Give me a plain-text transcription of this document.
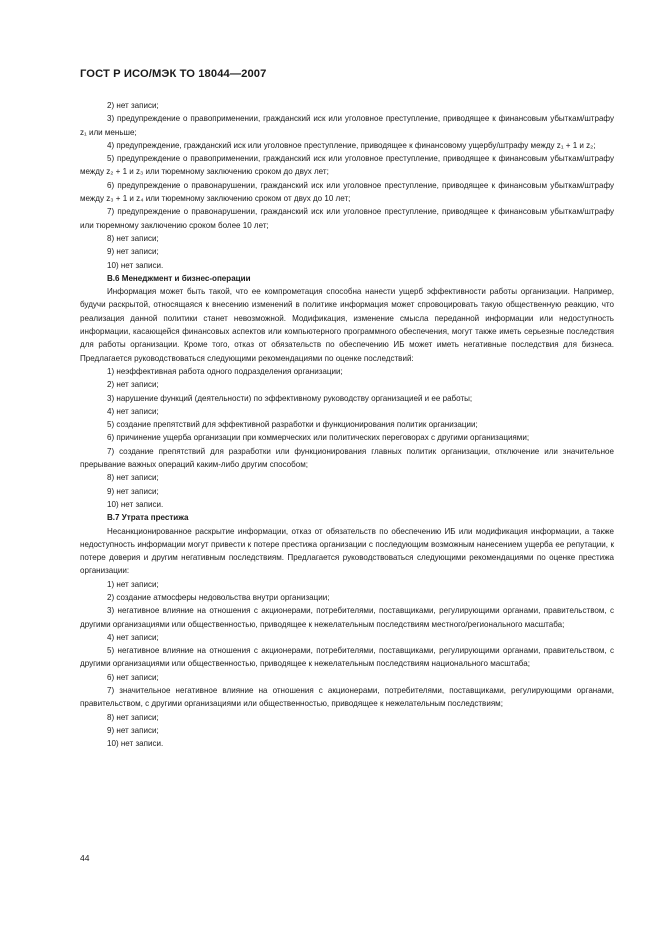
ГОСТ Р ИСО/МЭК ТО 18044—2007

2) нет записи;

3) предупреждение о правоприменении, гражданский иск или уголовное преступление, приводящее к финансовым убыткам/штрафу z₁ или меньше;

4) предупреждение, гражданский иск или уголовное преступление, приводящее к финансовому ущербу/штрафу между z₁ + 1 и z₂;

5) предупреждение о правоприменении, гражданский иск или уголовное преступление, приводящее к финансовым убыткам/штрафу между z₂ + 1 и z₃ или тюремному заключению сроком до двух лет;

6) предупреждение о правонарушении, гражданский иск или уголовное преступление, приводящее к финансовым убыткам/штрафу между z₃ + 1 и z₄ или тюремному заключению сроком от двух до 10 лет;

7) предупреждение о правонарушении, гражданский иск или уголовное преступление, приводящее к финансовым убыткам/штрафу или тюремному заключению сроком более 10 лет;

8) нет записи;

9) нет записи;

10) нет записи.

В.6 Менеджмент и бизнес-операции

Информация может быть такой, что ее компрометация способна нанести ущерб эффективности работы организации. Например, будучи раскрытой, относящаяся к внесению изменений в политике информация может спровоцировать такую общественную реакцию, что реализация данной политики станет невозможной. Модификация, изменение смысла переданной информации или недоступность информации, касающейся финансовых аспектов или компьютерного программного обеспечения, могут также иметь серьезные последствия для работы организации. Кроме того, отказ от обязательств по обеспечению ИБ может иметь негативные последствия для бизнеса. Предлагается руководствоваться следующими рекомендациями по оценке последствий:

1) неэффективная работа одного подразделения организации;

2) нет записи;

3) нарушение функций (деятельности) по эффективному руководству организацией и ее работы;

4) нет записи;

5) создание препятствий для эффективной разработки и функционирования политик организации;

6) причинение ущерба организации при коммерческих или политических переговорах с другими организациями;

7) создание препятствий для разработки или функционирования главных политик организации, отключение или значительное прерывание важных операций каким-либо другим способом;

8) нет записи;

9) нет записи;

10) нет записи.

В.7 Утрата престижа

Несанкционированное раскрытие информации, отказ от обязательств по обеспечению ИБ или модификация информации, а также недоступность информации могут привести к потере престижа организации с последующим возможным нанесением ущерба ее репутации, к потере доверия и другим негативным последствиям. Предлагается руководствоваться следующими рекомендациями по оценке престижа организации:

1) нет записи;

2) создание атмосферы недовольства внутри организации;

3) негативное влияние на отношения с акционерами, потребителями, поставщиками, регулирующими органами, правительством, с другими организациями или общественностью, приводящее к нежелательным последствиям местного/регионального масштаба;

4) нет записи;

5) негативное влияние на отношения с акционерами, потребителями, поставщиками, регулирующими органами, правительством, с другими организациями или общественностью, приводящее к нежелательным последствиям национального масштаба;

6) нет записи;

7) значительное негативное влияние на отношения с акционерами, потребителями, поставщиками, регулирующими органами, правительством, с другими организациями или общественностью, приводящее к нежелательным последствиям;

8) нет записи;

9) нет записи;

10) нет записи.

44
